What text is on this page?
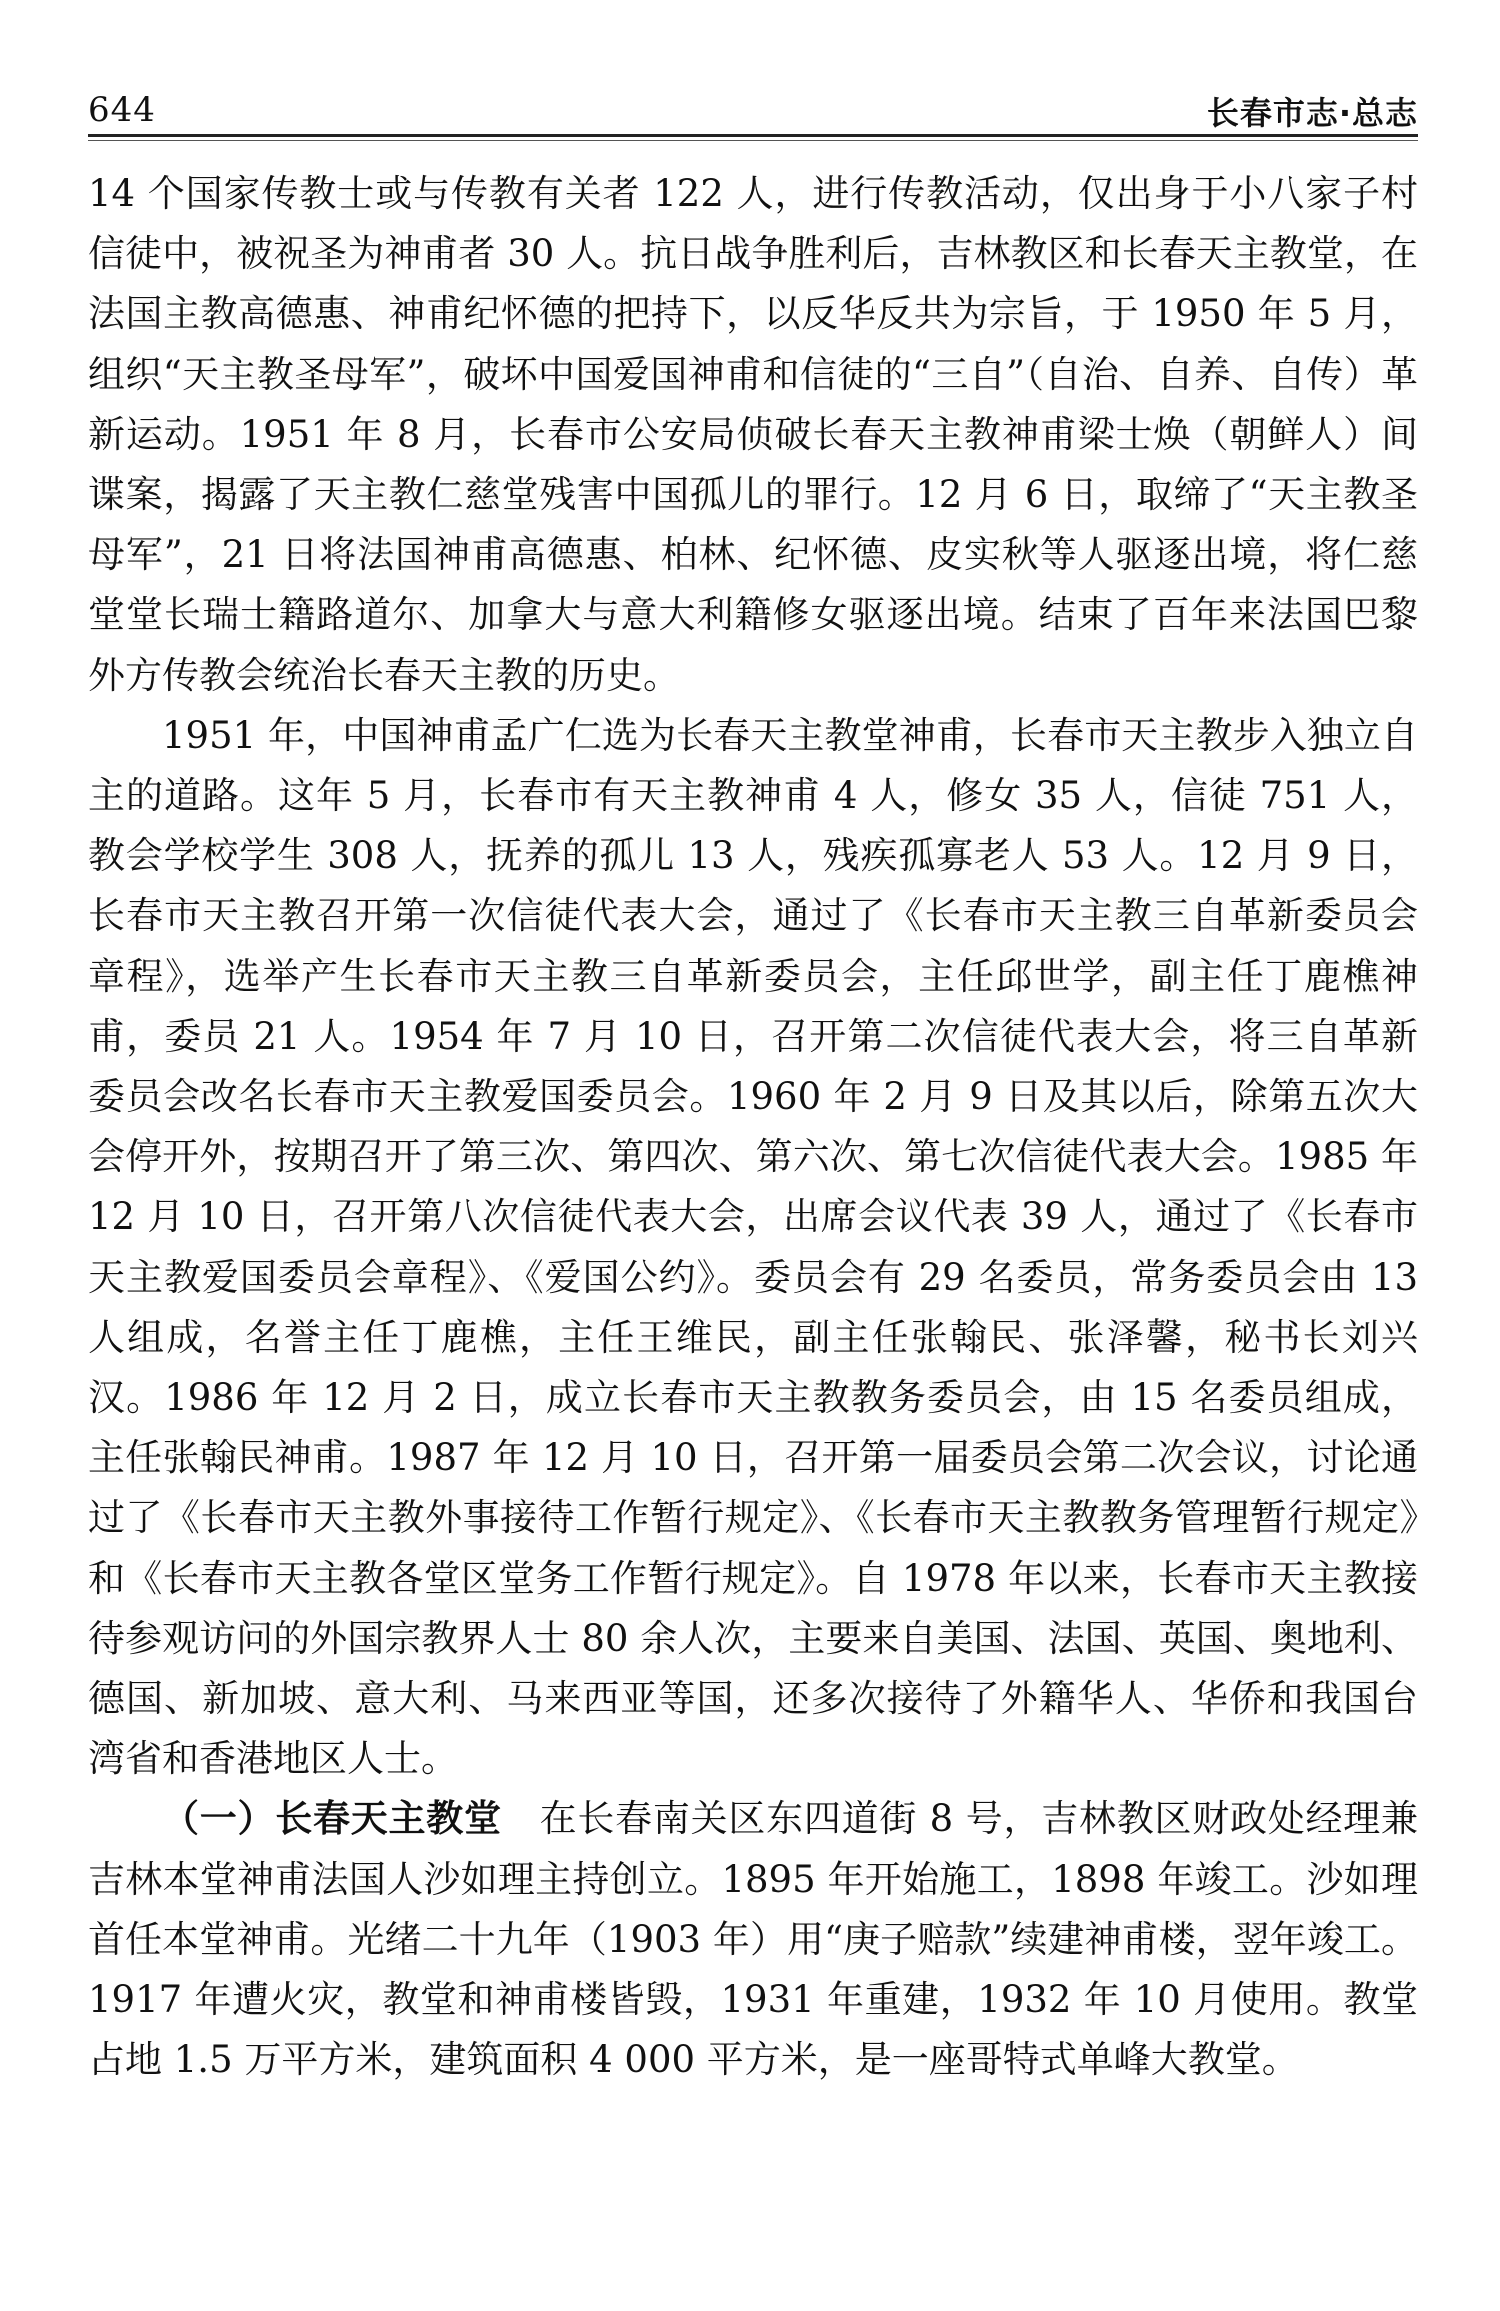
644	长春市志·总志

14 个国家传教士或与传教有关者 122 人，进行传教活动，仅出身于小八家子村信徒中，被祝圣为神甫者 30 人。抗日战争胜利后，吉林教区和长春天主教堂，在法国主教高德惠、神甫纪怀德的把持下，以反华反共为宗旨，于 1950 年 5 月，组织“天主教圣母军”，破坏中国爱国神甫和信徒的“三自”（自治、自养、自传）革新运动。1951 年 8 月，长春市公安局侦破长春天主教神甫梁士焕（朝鲜人）间谍案，揭露了天主教仁慈堂残害中国孤儿的罪行。12 月 6 日，取缔了“天主教圣母军”，21 日将法国神甫高德惠、柏林、纪怀德、皮实秋等人驱逐出境，将仁慈堂堂长瑞士籍路道尔、加拿大与意大利籍修女驱逐出境。结束了百年来法国巴黎外方传教会统治长春天主教的历史。

1951 年，中国神甫孟广仁选为长春天主教堂神甫，长春市天主教步入独立自主的道路。这年 5 月，长春市有天主教神甫 4 人，修女 35 人，信徒 751 人，教会学校学生 308 人，抚养的孤儿 13 人，残疾孤寡老人 53 人。12 月 9 日，长春市天主教召开第一次信徒代表大会，通过了《长春市天主教三自革新委员会章程》，选举产生长春市天主教三自革新委员会，主任邱世学，副主任丁鹿樵神甫，委员 21 人。1954 年 7 月 10 日，召开第二次信徒代表大会，将三自革新委员会改名长春市天主教爱国委员会。1960 年 2 月 9 日及其以后，除第五次大会停开外，按期召开了第三次、第四次、第六次、第七次信徒代表大会。1985 年 12 月 10 日，召开第八次信徒代表大会，出席会议代表 39 人，通过了《长春市天主教爱国委员会章程》、《爱国公约》。委员会有 29 名委员，常务委员会由 13 人组成，名誉主任丁鹿樵，主任王维民，副主任张翰民、张泽馨，秘书长刘兴汉。1986 年 12 月 2 日，成立长春市天主教教务委员会，由 15 名委员组成，主任张翰民神甫。1987 年 12 月 10 日，召开第一届委员会第二次会议，讨论通过了《长春市天主教外事接待工作暂行规定》、《长春市天主教教务管理暂行规定》和《长春市天主教各堂区堂务工作暂行规定》。自 1978 年以来，长春市天主教接待参观访问的外国宗教界人士 80 余人次，主要来自美国、法国、英国、奥地利、德国、新加坡、意大利、马来西亚等国，还多次接待了外籍华人、华侨和我国台湾省和香港地区人士。

（一）长春天主教堂  在长春南关区东四道街 8 号，吉林教区财政处经理兼吉林本堂神甫法国人沙如理主持创立。1895 年开始施工，1898 年竣工。沙如理首任本堂神甫。光绪二十九年（1903 年）用“庚子赔款”续建神甫楼，翌年竣工。1917 年遭火灾，教堂和神甫楼皆毁，1931 年重建，1932 年 10 月使用。教堂占地 1.5 万平方米，建筑面积 4 000 平方米，是一座哥特式单峰大教堂。
